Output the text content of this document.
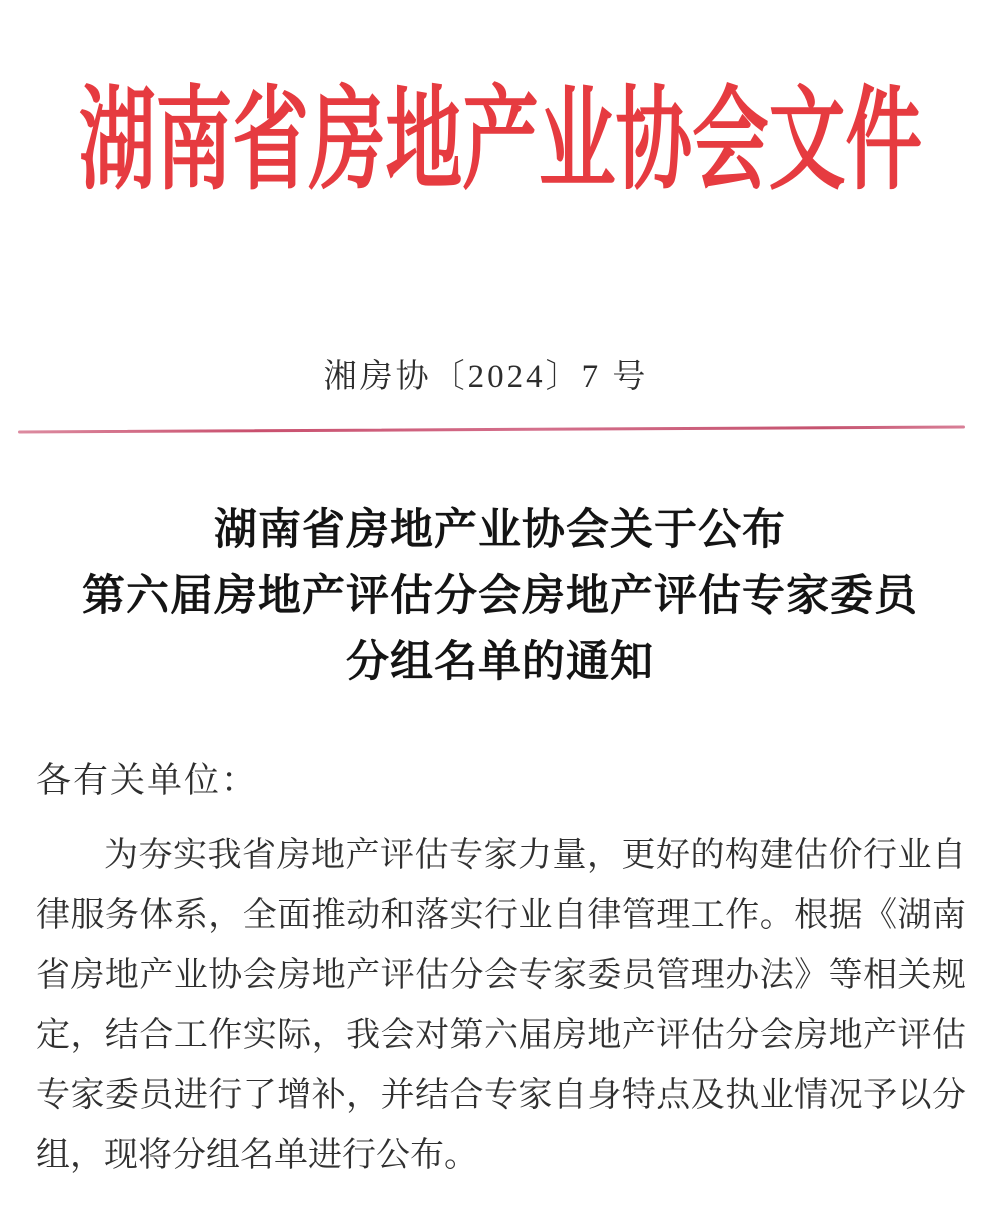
湖南省房地产业协会文件
湘房协〔2024〕7 号
湖南省房地产业协会关于公布
第六届房地产评估分会房地产评估专家委员
分组名单的通知
各有关单位：

为夯实我省房地产评估专家力量，更好的构建估价行业自律服务体系，全面推动和落实行业自律管理工作。根据《湖南省房地产业协会房地产评估分会专家委员管理办法》等相关规定，结合工作实际，我会对第六届房地产评估分会房地产评估专家委员进行了增补，并结合专家自身特点及执业情况予以分组，现将分组名单进行公布。
